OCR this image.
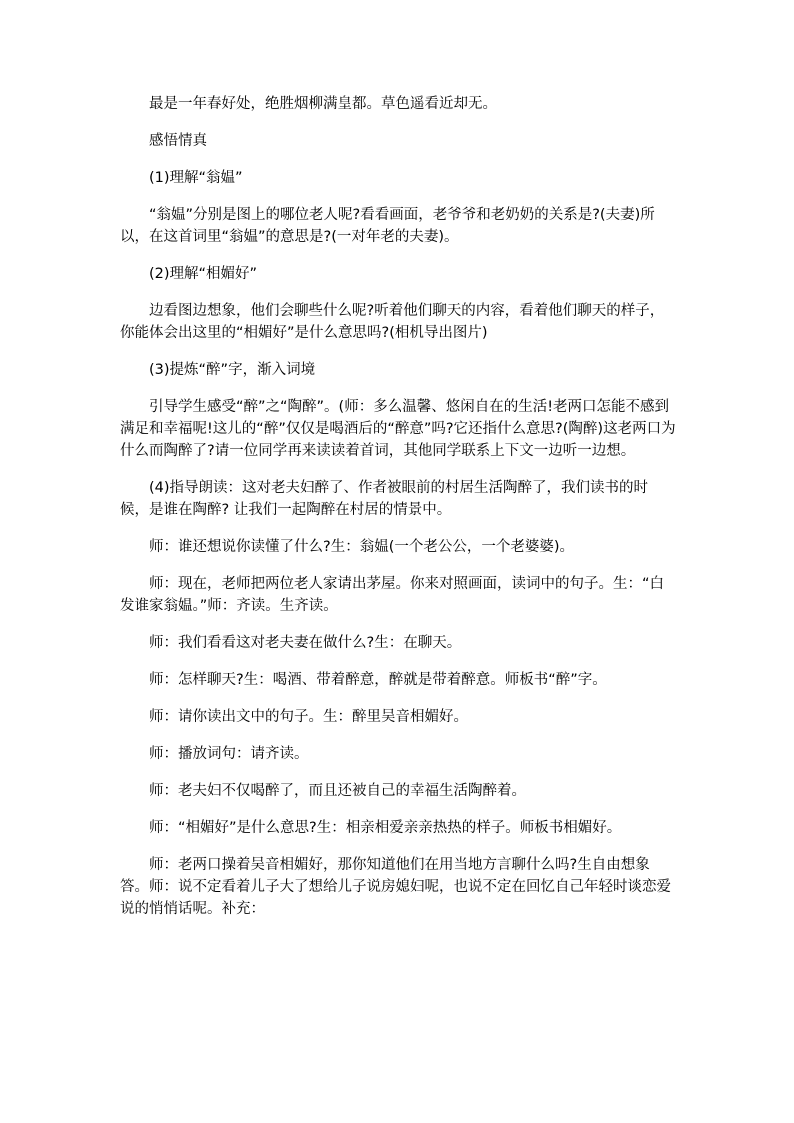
最是一年春好处，绝胜烟柳满皇都。草色遥看近却无。

感悟情真

(1)理解“翁媪”

“翁媪”分别是图上的哪位老人呢?看看画面，老爷爷和老奶奶的关系是?(夫妻)所以，在这首词里“翁媪”的意思是?(一对年老的夫妻)。

(2)理解“相媚好”

边看图边想象，他们会聊些什么呢?听着他们聊天的内容，看着他们聊天的样子，你能体会出这里的“相媚好”是什么意思吗?(相机导出图片)

(3)提炼“醉”字，渐入词境

引导学生感受“醉”之“陶醉”。(师：多么温馨、悠闲自在的生活!老两口怎能不感到满足和幸福呢!这儿的“醉”仅仅是喝酒后的“醉意”吗?它还指什么意思?(陶醉)这老两口为什么而陶醉了?请一位同学再来读读着首词，其他同学联系上下文一边听一边想。

(4)指导朗读：这对老夫妇醉了、作者被眼前的村居生活陶醉了，我们读书的时候，是谁在陶醉? 让我们一起陶醉在村居的情景中。

师：谁还想说你读懂了什么?生：翁媪(一个老公公，一个老婆婆)。

师：现在，老师把两位老人家请出茅屋。你来对照画面，读词中的句子。生：“白发谁家翁媪。”师：齐读。生齐读。

师：我们看看这对老夫妻在做什么?生：在聊天。

师：怎样聊天?生：喝酒、带着醉意，醉就是带着醉意。师板书“醉”字。

师：请你读出文中的句子。生：醉里吴音相媚好。

师：播放词句：请齐读。

师：老夫妇不仅喝醉了，而且还被自己的幸福生活陶醉着。

师：“相媚好”是什么意思?生：相亲相爱亲亲热热的样子。师板书相媚好。

师：老两口操着吴音相媚好，那你知道他们在用当地方言聊什么吗?生自由想象答。师：说不定看着儿子大了想给儿子说房媳妇呢，也说不定在回忆自己年轻时谈恋爱说的悄悄话呢。补充：
